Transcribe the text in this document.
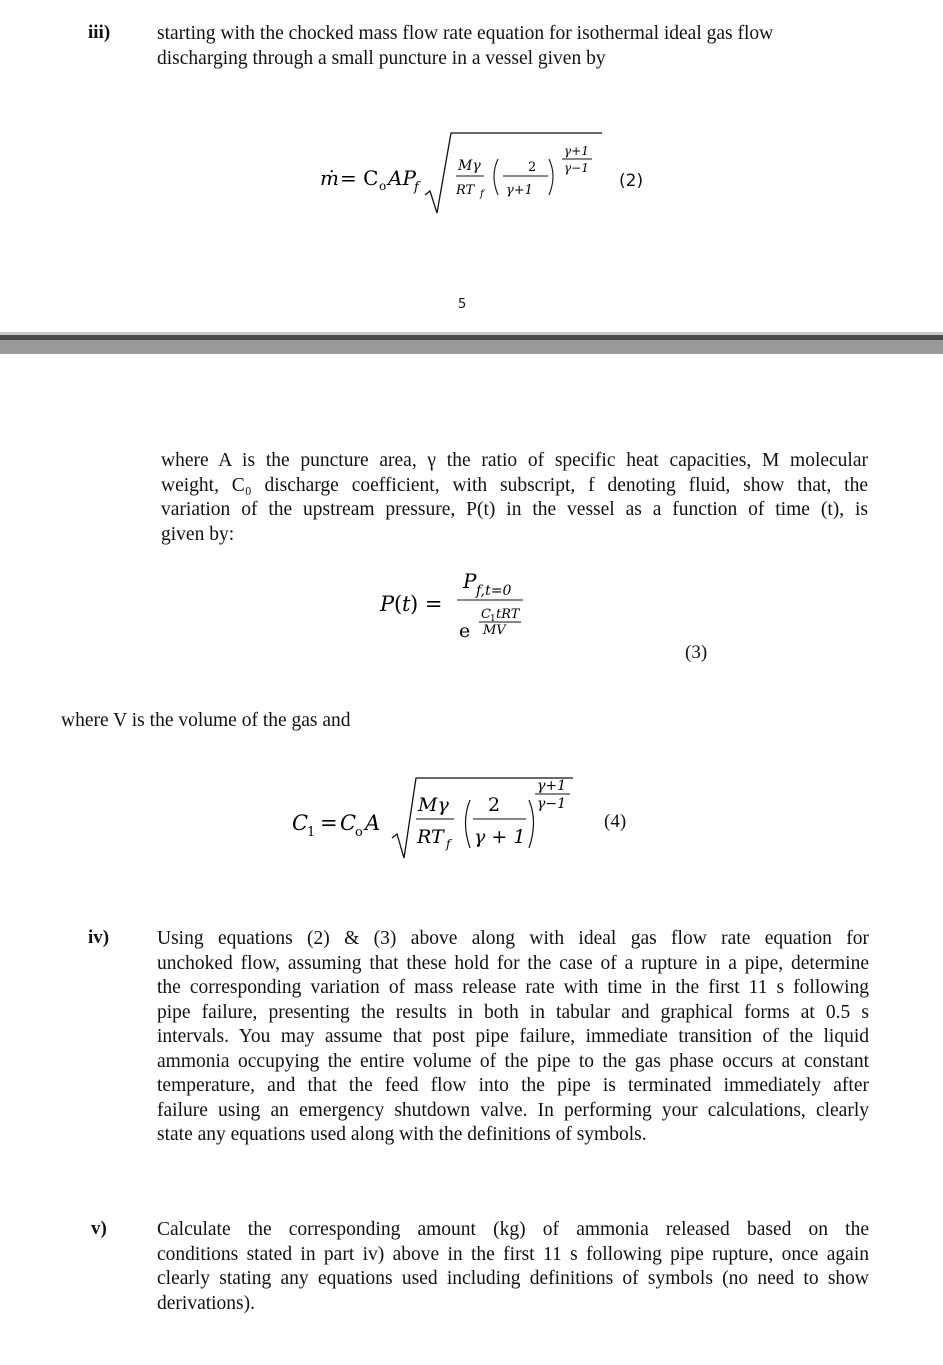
iii) starting with the chocked mass flow rate equation for isothermal ideal gas flow
discharging through a small puncture in a vessel given by
ṁ = C o AP
f
Mγ
RT f
2
γ+1
γ+1
γ−1
(2)
5
where A is the puncture area, γ the ratio of specific heat capacities, M molecular
weight, C₀ discharge coefficient, with subscript, f denoting fluid, show that, the
variation of the upstream pressure, P(t) in the vessel as a function of time (t), is
given by:
P ( t ) =
P f,t=0
e
C 1 tRT
MV
(3)
where V is the volume of the gas and
C
1 = C
o A
Mγ
RT f
2
γ + 1
γ+1
γ−1
(4)
iv) Using equations (2) & (3) above along with ideal gas flow rate equation for
unchoked flow, assuming that these hold for the case of a rupture in a pipe, determine
the corresponding variation of mass release rate with time in the first 11 s following
pipe failure, presenting the results in both in tabular and graphical forms at 0.5 s
intervals. You may assume that post pipe failure, immediate transition of the liquid
ammonia occupying the entire volume of the pipe to the gas phase occurs at constant
temperature, and that the feed flow into the pipe is terminated immediately after
failure using an emergency shutdown valve. In performing your calculations, clearly
state any equations used along with the definitions of symbols.
v)	Calculate the corresponding amount (kg) of ammonia released based on the
conditions stated in part iv) above in the first 11 s following pipe rupture, once again
clearly stating any equations used including definitions of symbols (no need to show
derivations).
